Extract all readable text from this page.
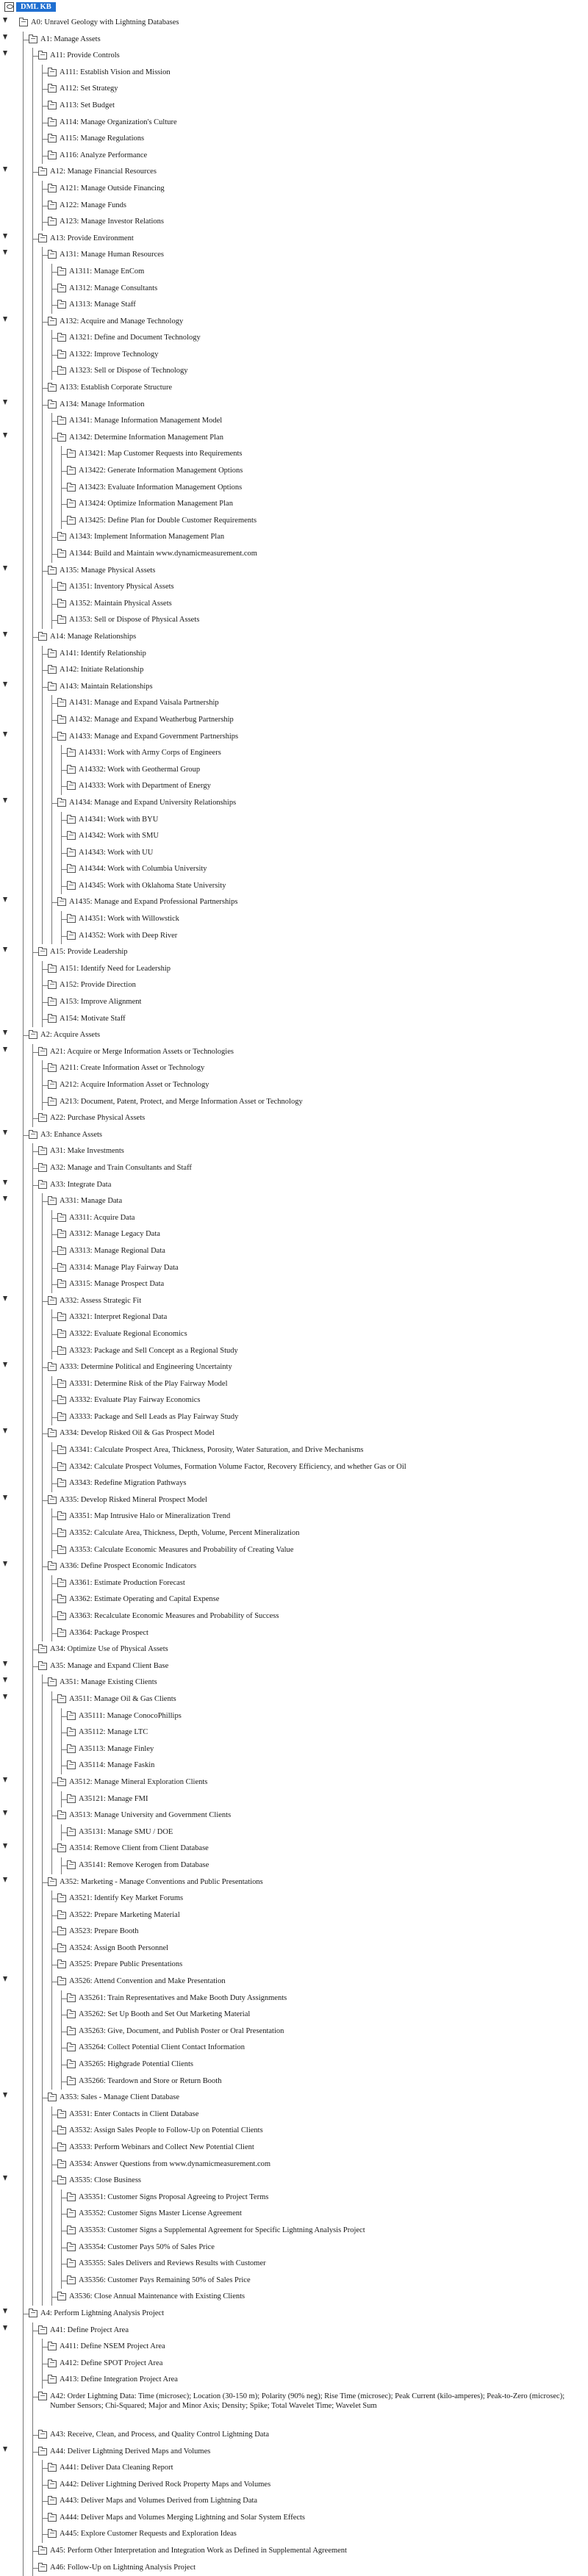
DML KB
A0: Unravel Geology with Lightning Databases
A1: Manage Assets
A11: Provide Controls
A111: Establish Vision and Mission
A112: Set Strategy
A113: Set Budget
A114: Manage Organization's Culture
A115: Manage Regulations
A116: Analyze Performance
A12: Manage Financial Resources
A121: Manage Outside Financing
A122: Manage Funds
A123: Manage Investor Relations
A13: Provide Environment
A131: Manage Human Resources
A1311: Manage EnCom
A1312: Manage Consultants
A1313: Manage Staff
A132: Acquire and Manage Technology
A1321: Define and Document Technology
A1322: Improve Technology
A1323: Sell or Dispose of Technology
A133: Establish Corporate Structure
A134: Manage Information
A1341: Manage Information Management Model
A1342: Determine Information Management Plan
A13421: Map Customer Requests into Requirements
A13422: Generate Information Management Options
A13423: Evaluate Information Management Options
A13424: Optimize Information Management Plan
A13425: Define Plan for Double Customer Requirements
A1343: Implement Information Management Plan
A1344: Build and Maintain www.dynamicmeasurement.com
A135: Manage Physical Assets
A1351: Inventory Physical Assets
A1352: Maintain Physical Assets
A1353: Sell or Dispose of Physical Assets
A14: Manage Relationships
A141: Identify Relationship
A142: Initiate Relationship
A143: Maintain Relationships
A1431: Manage and Expand Vaisala Partnership
A1432: Manage and Expand Weatherbug Partnership
A1433: Manage and Expand Government Partnerships
A14331: Work with Army Corps of Engineers
A14332: Work with Geothermal Group
A14333: Work with Department of Energy
A1434: Manage and Expand University Relationships
A14341: Work with BYU
A14342: Work with SMU
A14343: Work with UU
A14344: Work with Columbia University
A14345: Work with Oklahoma State University
A1435: Manage and Expand Professional Partnerships
A14351: Work with Willowstick
A14352: Work with Deep River
A15: Provide Leadership
A151: Identify Need for Leadership
A152: Provide Direction
A153: Improve Alignment
A154: Motivate Staff
A2: Acquire Assets
A21: Acquire or Merge Information Assets or Technologies
A211: Create Information Asset or Technology
A212: Acquire Information Asset or Technology
A213: Document, Patent, Protect, and Merge Information Asset or Technology
A22: Purchase Physical Assets
A3: Enhance Assets
A31: Make Investments
A32: Manage and Train Consultants and Staff
A33: Integrate Data
A331: Manage Data
A3311: Acquire Data
A3312: Manage Legacy Data
A3313: Manage Regional Data
A3314: Manage Play Fairway Data
A3315: Manage Prospect Data
A332: Assess Strategic Fit
A3321: Interpret Regional Data
A3322: Evaluate Regional Economics
A3323: Package and Sell Concept as a Regional Study
A333: Determine Political and Engineering Uncertainty
A3331: Determine Risk of the Play Fairway Model
A3332: Evaluate Play Fairway Economics
A3333: Package and Sell Leads as Play Fairway Study
A334: Develop Risked Oil & Gas Prospect Model
A3341: Calculate Prospect Area, Thickness, Porosity, Water Saturation, and Drive Mechanisms
A3342: Calculate Prospect Volumes, Formation Volume Factor, Recovery Efficiency, and whether Gas or Oil
A3343: Redefine Migration Pathways
A335: Develop Risked Mineral Prospect Model
A3351: Map Intrusive Halo or Mineralization Trend
A3352: Calculate Area, Thickness, Depth, Volume, Percent Mineralization
A3353: Calculate Economic Measures and Probability of Creating Value
A336: Define Prospect Economic Indicators
A3361: Estimate Production Forecast
A3362: Estimate Operating and Capital Expense
A3363: Recalculate Economic Measures and Probability of Success
A3364: Package Prospect
A34: Optimize Use of Physical Assets
A35: Manage and Expand Client Base
A351: Manage Existing Clients
A3511: Manage Oil & Gas Clients
A35111: Manage ConocoPhillips
A35112: Manage LTC
A35113: Manage Finley
A35114: Manage Faskin
A3512: Manage Mineral Exploration Clients
A35121: Manage FMI
A3513: Manage University and Government Clients
A35131: Manage SMU / DOE
A3514: Remove Client from Client Database
A35141: Remove Kerogen from Database
A352: Marketing - Manage Conventions and Public Presentations
A3521: Identify Key Market Forums
A3522: Prepare Marketing Material
A3523: Prepare Booth
A3524: Assign Booth Personnel
A3525: Prepare Public Presentations
A3526: Attend Convention and Make Presentation
A35261: Train Representatives and Make Booth Duty Assignments
A35262: Set Up Booth and Set Out Marketing Material
A35263: Give, Document, and Publish Poster or Oral Presentation
A35264: Collect Potential Client Contact Information
A35265: Highgrade Potential Clients
A35266: Teardown and Store or Return Booth
A353: Sales - Manage Client Database
A3531: Enter Contacts in Client Database
A3532: Assign Sales People to Follow-Up on Potential Clients
A3533: Perform Webinars and Collect New Potential Client
A3534: Answer Questions from www.dynamicmeasurement.com
A3535: Close Business
A35351: Customer Signs Proposal Agreeing to Project Terms
A35352: Customer Signs Master License Agreement
A35353: Customer Signs a Supplemental Agreement for Specific Lightning Analysis Project
A35354: Customer Pays 50% of Sales Price
A35355: Sales Delivers and Reviews Results with Customer
A35356: Customer Pays Remaining 50% of Sales Price
A3536: Close Annual Maintenance with Existing Clients
A4: Perform Lightning Analysis Project
A41: Define Project Area
A411: Define NSEM Project Area
A412: Define SPOT Project Area
A413: Define Integration Project Area
A42: Order Lightning Data: Time (microsec); Location (30-150 m); Polarity (90% neg); Rise Time (microsec); Peak Current (kilo-amperes); Peak-to-Zero (microsec); Number Sensors; Chi-Squared; Major and Minor Axis; Density; Spike; Total Wavelet Time; Wavelet Sum
A43: Receive, Clean, and Process, and Quality Control Lightning Data
A44: Deliver Lightning Derived Maps and Volumes
A441: Deliver Data Cleaning Report
A442: Deliver Lightning Derived Rock Property Maps and Volumes
A443: Deliver Maps and Volumes Derived from Lightning Data
A444: Deliver Maps and Volumes Merging Lightning and Solar System Effects
A445: Explore Customer Requests and Exploration Ideas
A45: Perform Other Interpretation and Integration Work as Defined in Supplemental Agreement
A46: Follow-Up on Lightning Analysis Project
